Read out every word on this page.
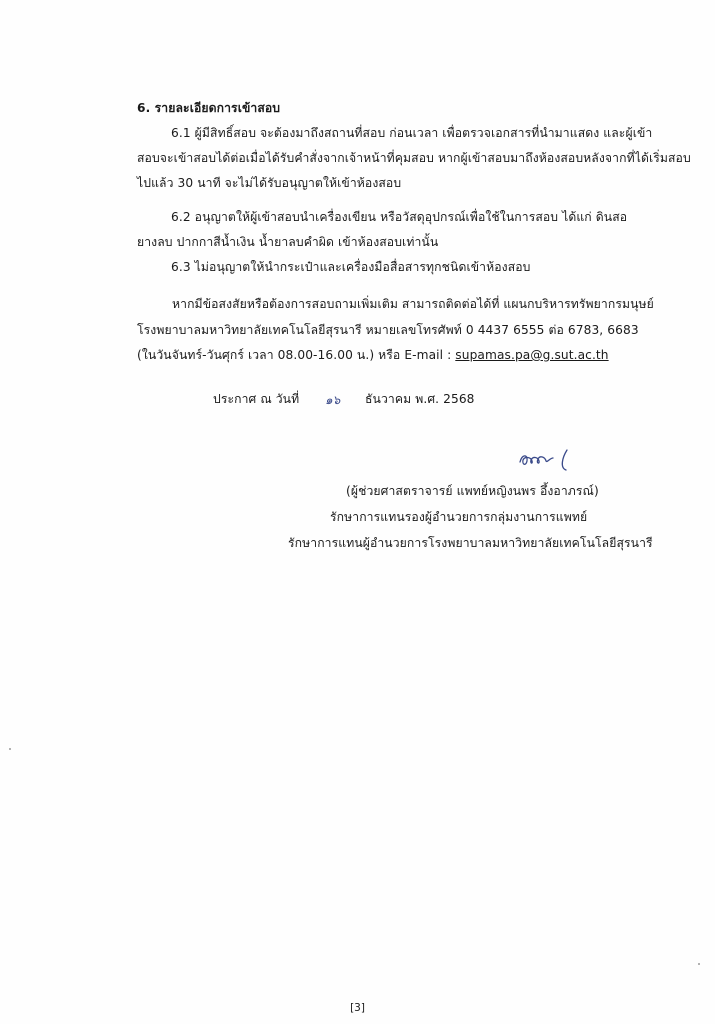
6. รายละเอียดการเข้าสอบ
6.1 ผู้มีสิทธิ์สอบ จะต้องมาถึงสถานที่สอบ ก่อนเวลา เพื่อตรวจเอกสารที่นำมาแสดง และผู้เข้า
สอบจะเข้าสอบได้ต่อเมื่อได้รับคำสั่งจากเจ้าหน้าที่คุมสอบ หากผู้เข้าสอบมาถึงห้องสอบหลังจากที่ได้เริ่มสอบ
ไปแล้ว 30 นาที จะไม่ได้รับอนุญาตให้เข้าห้องสอบ
6.2 อนุญาตให้ผู้เข้าสอบนำเครื่องเขียน หรือวัสดุอุปกรณ์เพื่อใช้ในการสอบ ได้แก่ ดินสอ
ยางลบ ปากกาสีน้ำเงิน น้ำยาลบคำผิด เข้าห้องสอบเท่านั้น
6.3 ไม่อนุญาตให้นำกระเป๋าและเครื่องมือสื่อสารทุกชนิดเข้าห้องสอบ
หากมีข้อสงสัยหรือต้องการสอบถามเพิ่มเติม สามารถติดต่อได้ที่ แผนกบริหารทรัพยากรมนุษย์
โรงพยาบาลมหาวิทยาลัยเทคโนโลยีสุรนารี หมายเลขโทรศัพท์ 0 4437 6555 ต่อ 6783, 6683
(ในวันจันทร์-วันศุกร์ เวลา 08.00-16.00 น.) หรือ E-mail : supamas.pa@g.sut.ac.th
ประกาศ ณ วันที่ ๑๖ ธันวาคม พ.ศ. 2568
(ผู้ช่วยศาสตราจารย์ แพทย์หญิงนพร อึ้งอาภรณ์)
รักษาการแทนรองผู้อำนวยการกลุ่มงานการแพทย์
รักษาการแทนผู้อำนวยการโรงพยาบาลมหาวิทยาลัยเทคโนโลยีสุรนารี
[3]
